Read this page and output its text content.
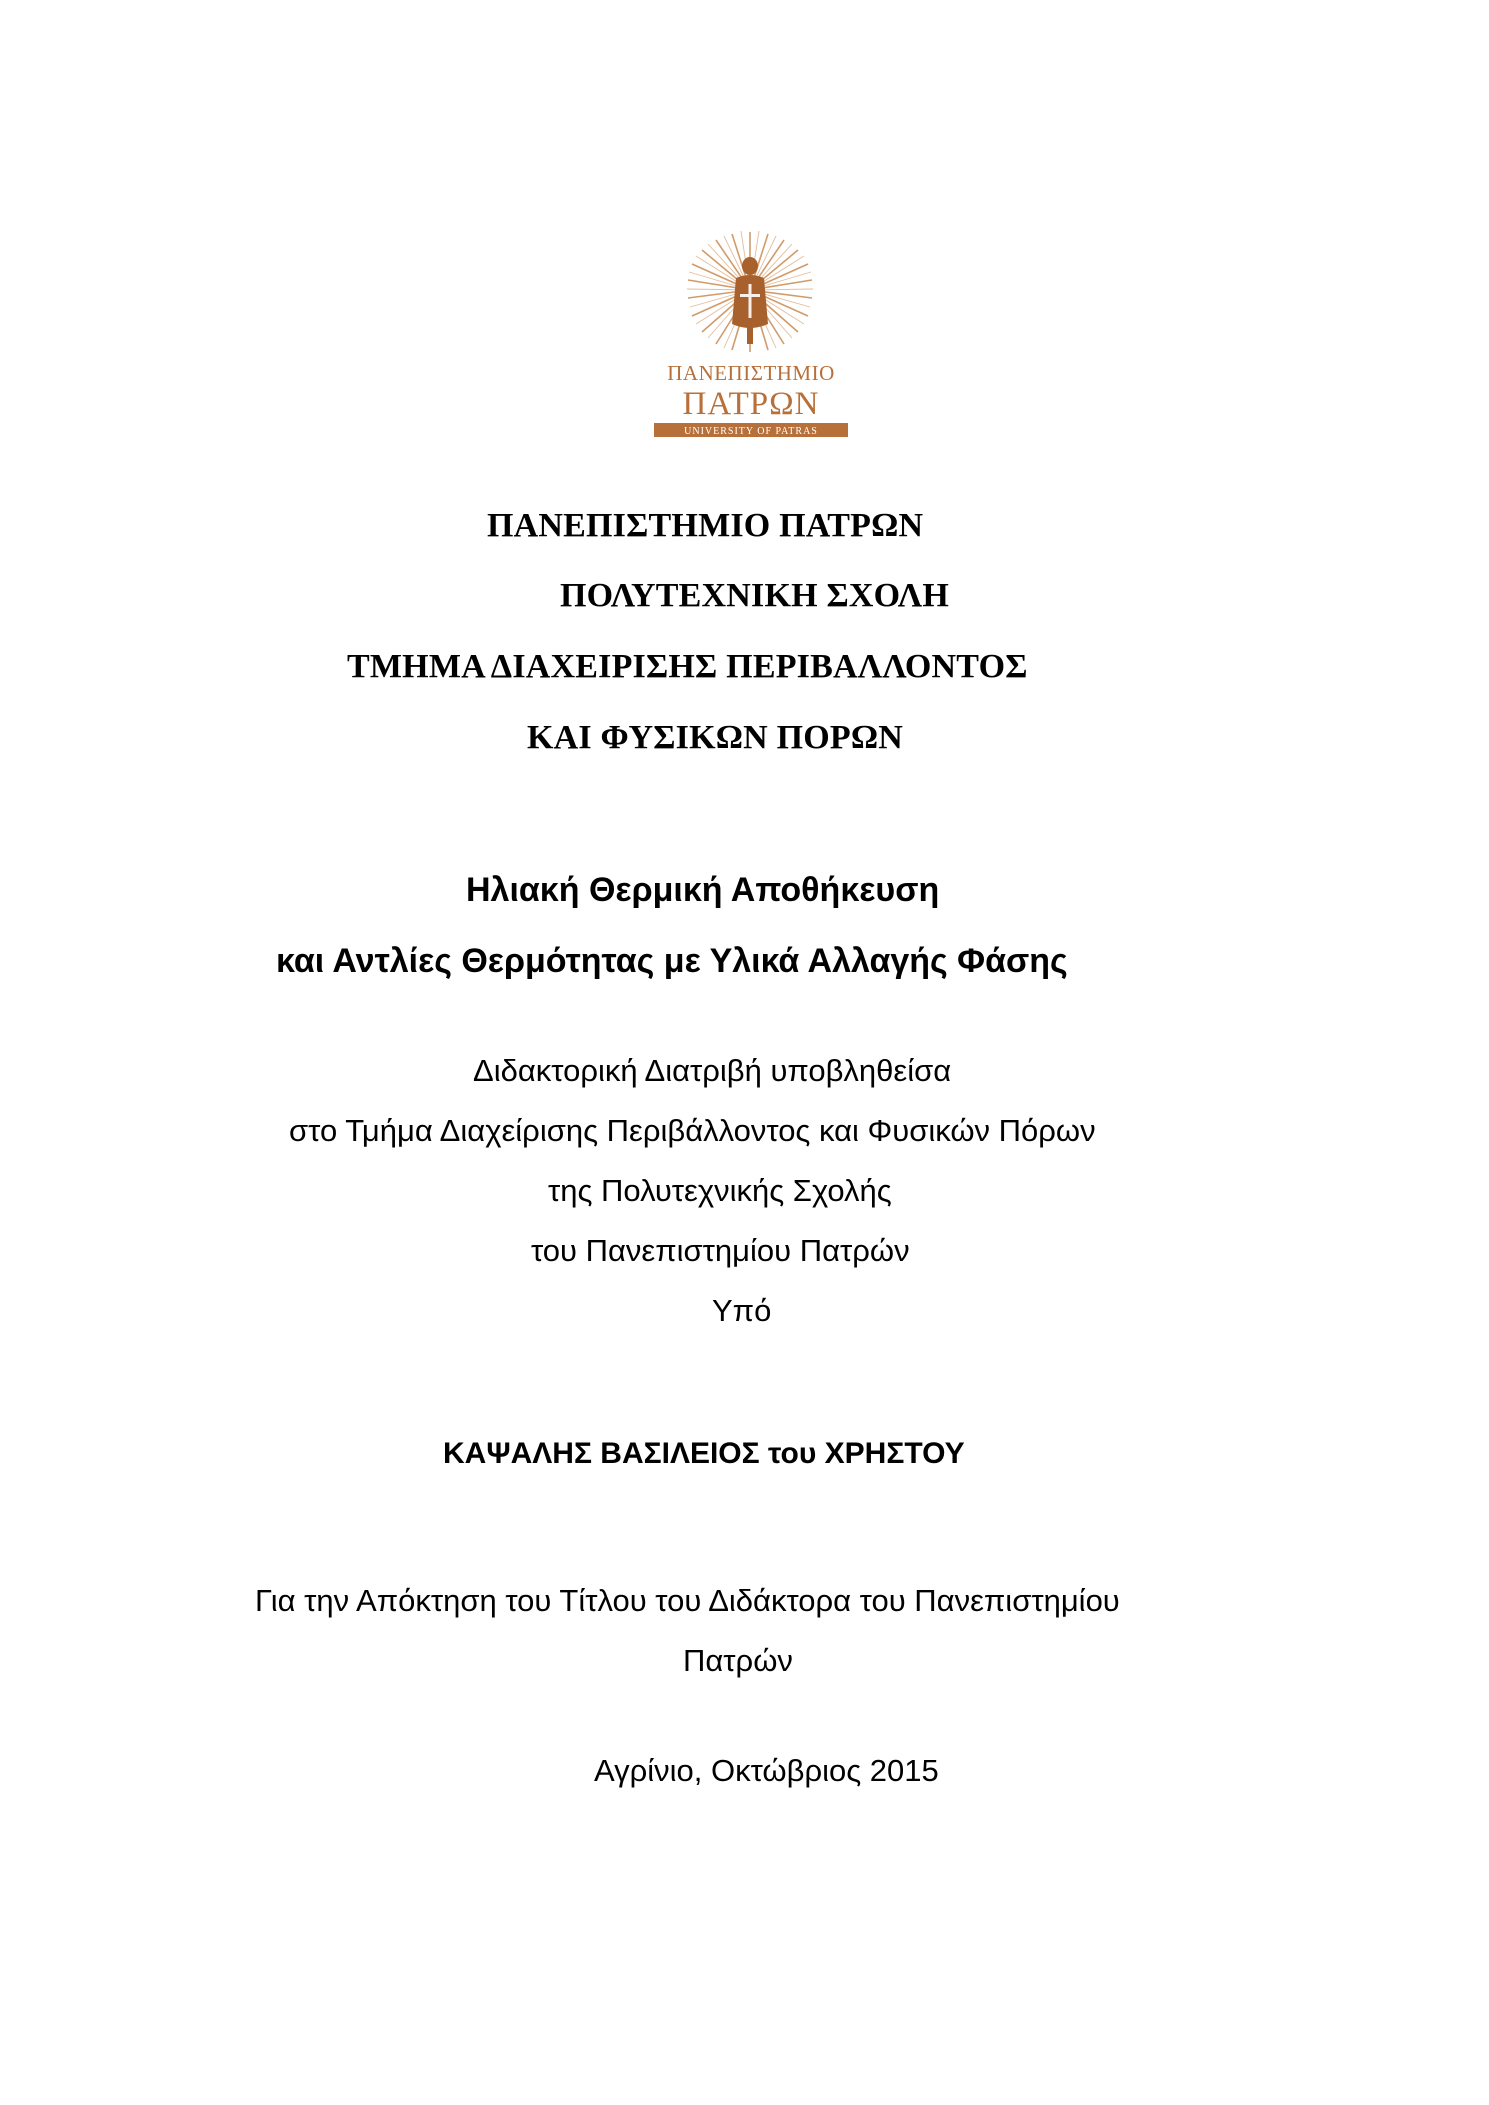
ΠΑΝΕΠΙΣΤΗΜΙΟ
ΠΑΤΡΩΝ
UNIVERSITY OF PATRAS
ΠΑΝΕΠΙΣΤΗΜΙΟ ΠΑΤΡΩΝ
ΠΟΛΥΤΕΧΝΙΚΗ ΣΧΟΛΗ
ΤΜΗΜΑ ΔΙΑΧΕΙΡΙΣΗΣ ΠΕΡΙΒΑΛΛΟΝΤΟΣ
ΚΑΙ ΦΥΣΙΚΩΝ ΠΟΡΩΝ
Ηλιακή Θερμική Αποθήκευση
και Αντλίες Θερμότητας με Υλικά Αλλαγής Φάσης
Διδακτορική Διατριβή υποβληθείσα
στο Τμήμα Διαχείρισης Περιβάλλοντος και Φυσικών Πόρων
της Πολυτεχνικής Σχολής
του Πανεπιστημίου Πατρών
Υπό
ΚΑΨΑΛΗΣ ΒΑΣΙΛΕΙΟΣ του ΧΡΗΣΤΟΥ
Για την Απόκτηση του Τίτλου του Διδάκτορα του Πανεπιστημίου
Πατρών
Αγρίνιο, Οκτώβριος 2015
